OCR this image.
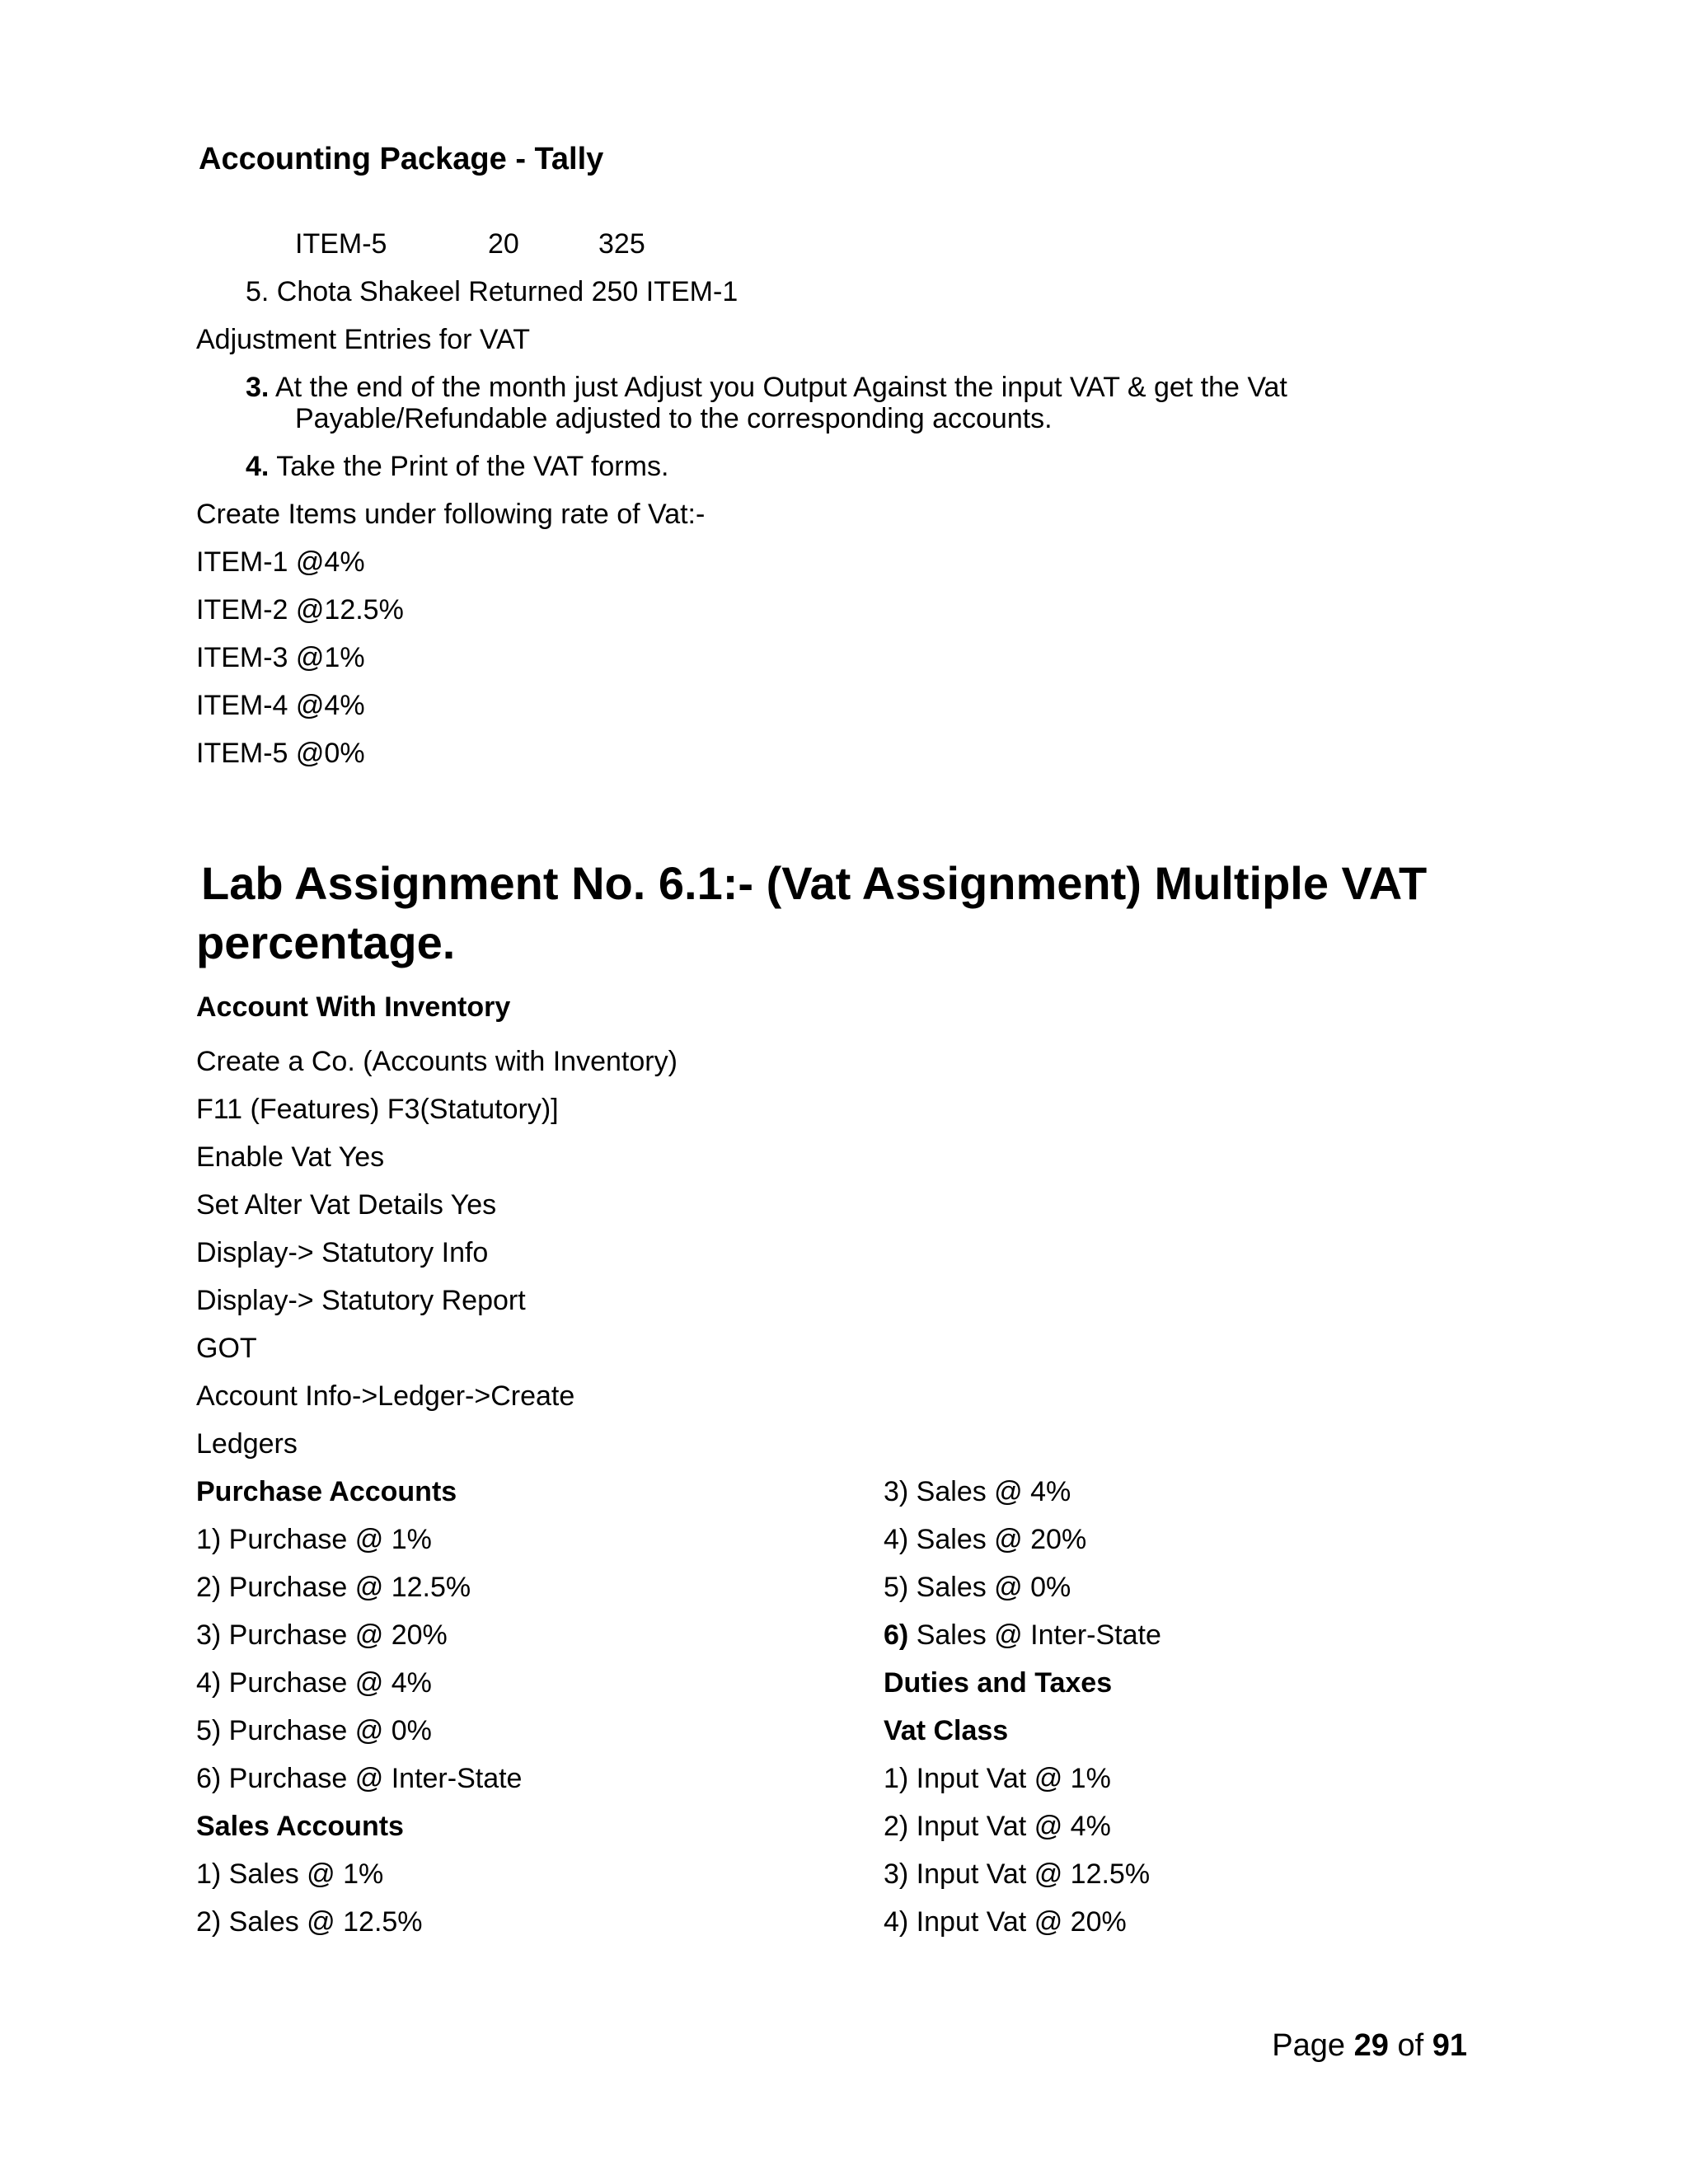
Accounting Package - Tally
ITEM-5	20	325
5. Chota Shakeel Returned 250 ITEM-1
Adjustment Entries for VAT
3. At the end of the month just Adjust you Output Against the input VAT & get the Vat
Payable/Refundable adjusted to the corresponding accounts.
4. Take the Print of the VAT forms.
Create Items under following rate of Vat:-
ITEM-1 @4%
ITEM-2 @12.5%
ITEM-3 @1%
ITEM-4 @4%
ITEM-5 @0%
Lab Assignment No. 6.1:- (Vat Assignment) Multiple VAT
percentage.
Account With Inventory
Create a Co. (Accounts with Inventory)
F11 (Features) F3(Statutory)]
Enable Vat Yes
Set Alter Vat Details Yes
Display-> Statutory Info
Display-> Statutory Report
GOT
Account Info->Ledger->Create
Ledgers
Purchase Accounts
1) Purchase @ 1%
2) Purchase @ 12.5%
3) Purchase @ 20%
4) Purchase @ 4%
5) Purchase @ 0%
6) Purchase @ Inter-State
Sales Accounts
1) Sales @ 1%
2) Sales @ 12.5%
3) Sales @ 4%
4) Sales @ 20%
5) Sales @ 0%
6) Sales @ Inter-State
Duties and Taxes
Vat Class
1) Input Vat @ 1%
2) Input Vat @ 4%
3) Input Vat @ 12.5%
4) Input Vat @ 20%
Page 29 of 91
